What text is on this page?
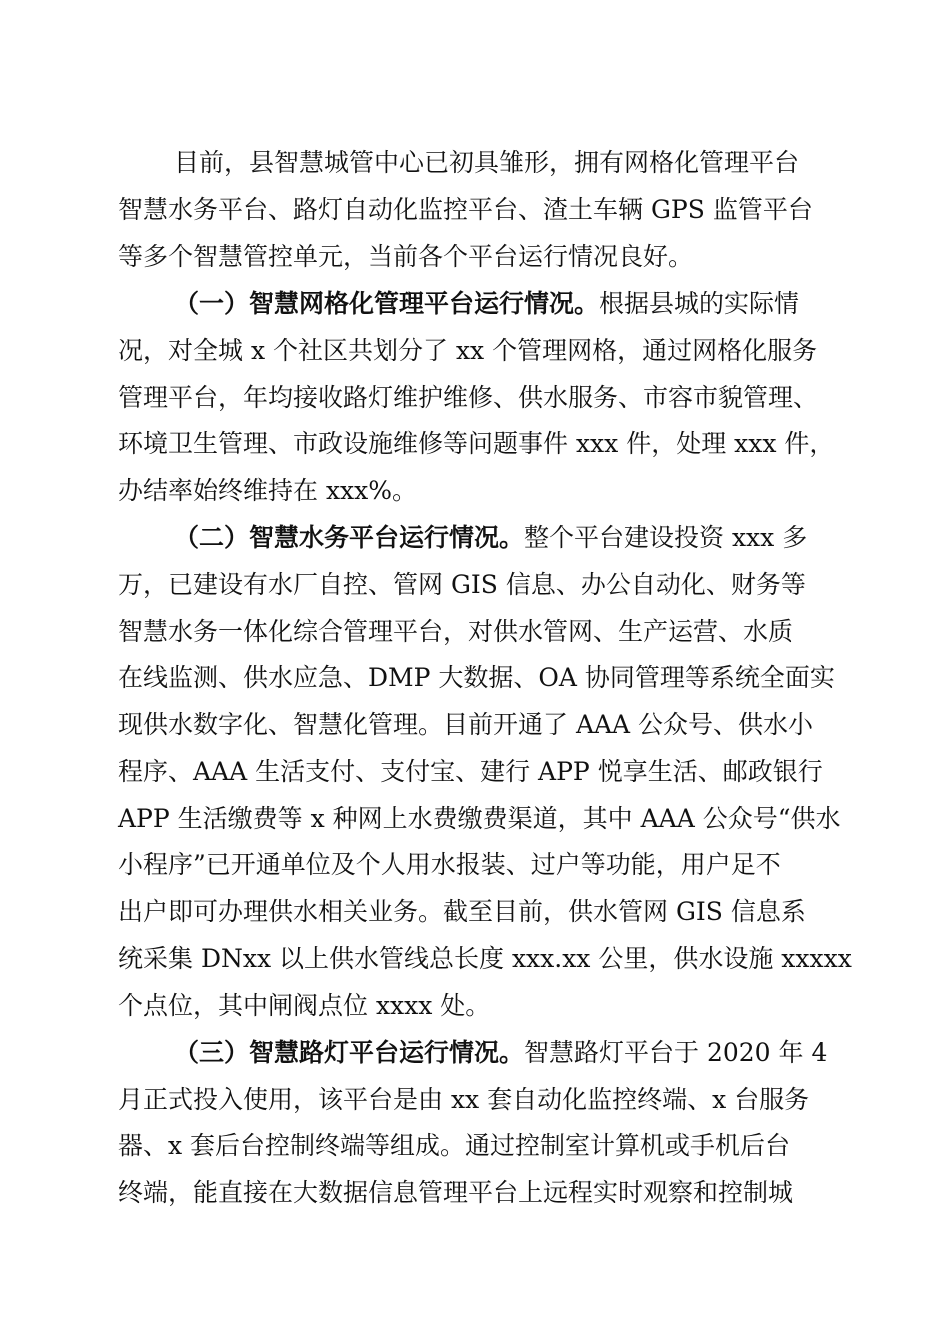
目前，县智慧城管中心已初具雏形，拥有网格化管理平台
智慧水务平台、路灯自动化监控平台、渣土车辆 GPS 监管平台
等多个智慧管控单元，当前各个平台运行情况良好。
（一）智慧网格化管理平台运行情况。根据县城的实际情
况，对全城 x 个社区共划分了 xx 个管理网格，通过网格化服务
管理平台，年均接收路灯维护维修、供水服务、市容市貌管理、
环境卫生管理、市政设施维修等问题事件 xxx 件，处理 xxx 件，
办结率始终维持在 xxx%。
（二）智慧水务平台运行情况。整个平台建设投资 xxx 多
万，已建设有水厂自控、管网 GIS 信息、办公自动化、财务等
智慧水务一体化综合管理平台，对供水管网、生产运营、水质
在线监测、供水应急、DMP 大数据、OA 协同管理等系统全面实
现供水数字化、智慧化管理。目前开通了 AAA 公众号、供水小
程序、AAA 生活支付、支付宝、建行 APP 悦享生活、邮政银行
APP 生活缴费等 x 种网上水费缴费渠道，其中 AAA 公众号“供水
小程序”已开通单位及个人用水报装、过户等功能，用户足不
出户即可办理供水相关业务。截至目前，供水管网 GIS 信息系
统采集 DNxx 以上供水管线总长度 xxx.xx 公里，供水设施 xxxxx
个点位，其中闸阀点位 xxxx 处。
（三）智慧路灯平台运行情况。智慧路灯平台于 2020 年 4
月正式投入使用，该平台是由 xx 套自动化监控终端、x 台服务
器、x 套后台控制终端等组成。通过控制室计算机或手机后台
终端，能直接在大数据信息管理平台上远程实时观察和控制城
